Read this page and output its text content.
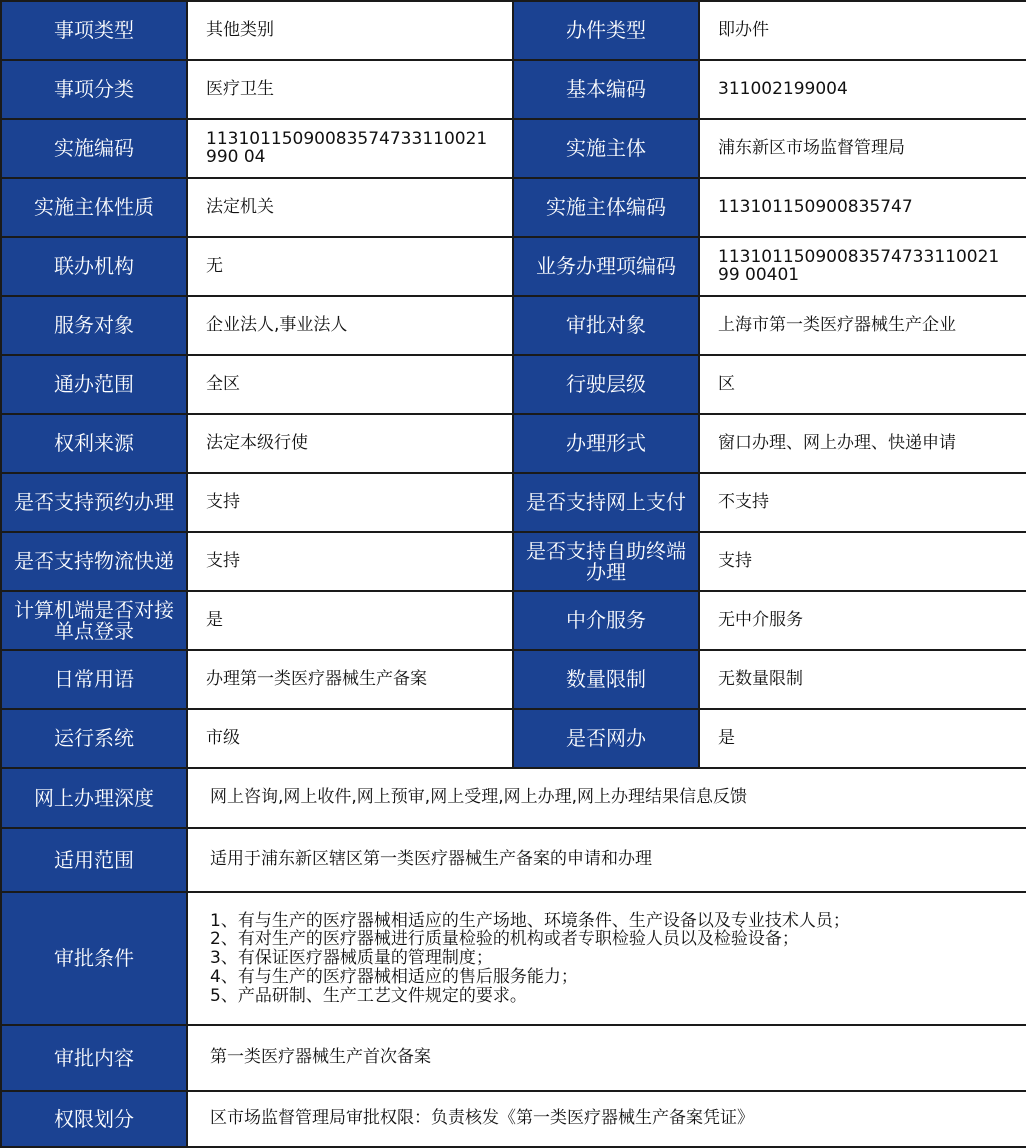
事项类型	其他类别	办件类型	即办件
事项分类	医疗卫生	基本编码	311002199004
实施编码	11310115090083574733110021990 04	实施主体	浦东新区市场监督管理局
实施主体性质	法定机关	实施主体编码	113101150900835747
联办机构	无	业务办理项编码	1131011509008357473311002199 00401
服务对象	企业法人,事业法人	审批对象	上海市第一类医疗器械生产企业
通办范围	全区	行驶层级	区
权利来源	法定本级行使	办理形式	窗口办理、网上办理、快递申请
是否支持预约办理	支持	是否支持网上支付	不支持
是否支持物流快递	支持	是否支持自助终端办理	支持
计算机端是否对接单点登录	是	中介服务	无中介服务
日常用语	办理第一类医疗器械生产备案	数量限制	无数量限制
运行系统	市级	是否网办	是
网上办理深度	网上咨询,网上收件,网上预审,网上受理,网上办理,网上办理结果信息反馈		
适用范围	适用于浦东新区辖区第一类医疗器械生产备案的申请和办理		
审批条件	1、有与生产的医疗器械相适应的生产场地、环境条件、生产设备以及专业技术人员；
2、有对生产的医疗器械进行质量检验的机构或者专职检验人员以及检验设备；
3、有保证医疗器械质量的管理制度；
4、有与生产的医疗器械相适应的售后服务能力；
5、产品研制、生产工艺文件规定的要求。		

审批内容	第一类医疗器械生产首次备案		
权限划分	区市场监督管理局审批权限：负责核发《第一类医疗器械生产备案凭证》		
